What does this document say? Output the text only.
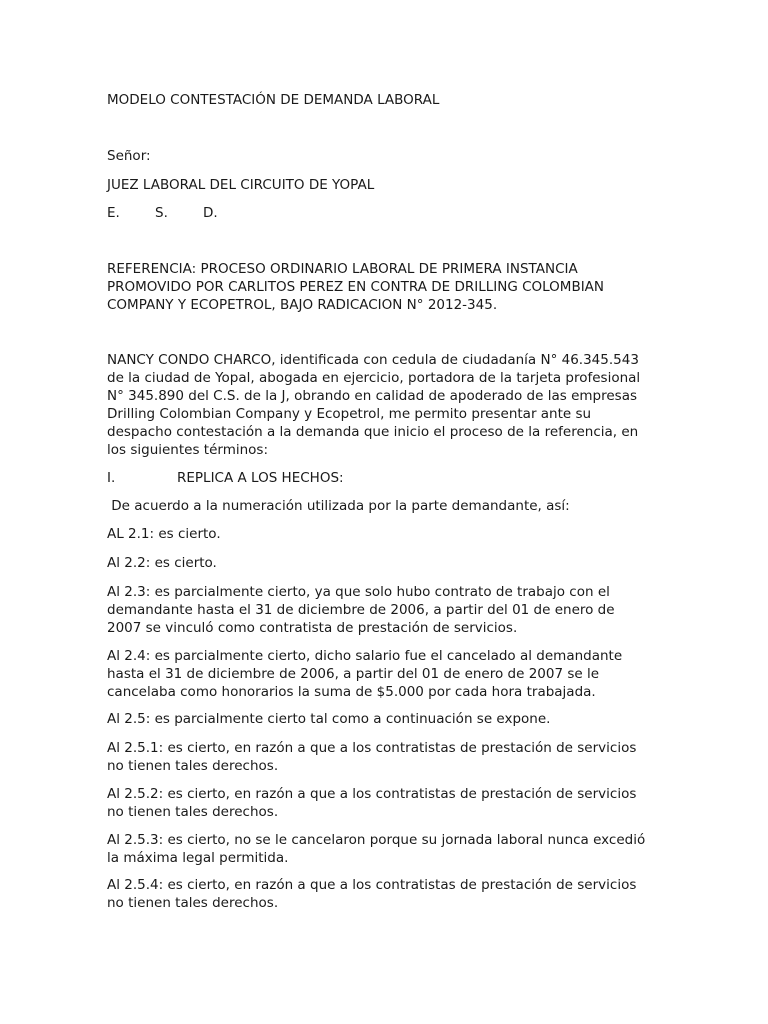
MODELO CONTESTACIÓN DE DEMANDA LABORAL

Señor:

JUEZ LABORAL DEL CIRCUITO DE YOPAL

E.	S.	D.

REFERENCIA: PROCESO ORDINARIO LABORAL DE PRIMERA INSTANCIA

PROMOVIDO POR CARLITOS PEREZ EN CONTRA DE DRILLING COLOMBIAN

COMPANY Y ECOPETROL, BAJO RADICACION N° 2012-345.

NANCY CONDO CHARCO, identificada con cedula de ciudadanía N° 46.345.543

de la ciudad de Yopal, abogada en ejercicio, portadora de la tarjeta profesional

N° 345.890 del C.S. de la J, obrando en calidad de apoderado de las empresas

Drilling Colombian Company y Ecopetrol, me permito presentar ante su

despacho contestación a la demanda que inicio el proceso de la referencia, en

los siguientes términos:

I.	REPLICA A LOS HECHOS:

De acuerdo a la numeración utilizada por la parte demandante, así:

AL 2.1: es cierto.

Al 2.2: es cierto.

Al 2.3: es parcialmente cierto, ya que solo hubo contrato de trabajo con el

demandante hasta el 31 de diciembre de 2006, a partir del 01 de enero de

2007 se vinculó como contratista de prestación de servicios.

Al 2.4: es parcialmente cierto, dicho salario fue el cancelado al demandante

hasta el 31 de diciembre de 2006, a partir del 01 de enero de 2007 se le

cancelaba como honorarios la suma de $5.000 por cada hora trabajada.

Al 2.5: es parcialmente cierto tal como a continuación se expone.

Al 2.5.1: es cierto, en razón a que a los contratistas de prestación de servicios

no tienen tales derechos.

Al 2.5.2: es cierto, en razón a que a los contratistas de prestación de servicios

no tienen tales derechos.

Al 2.5.3: es cierto, no se le cancelaron porque su jornada laboral nunca excedió

la máxima legal permitida.

Al 2.5.4: es cierto, en razón a que a los contratistas de prestación de servicios

no tienen tales derechos.
